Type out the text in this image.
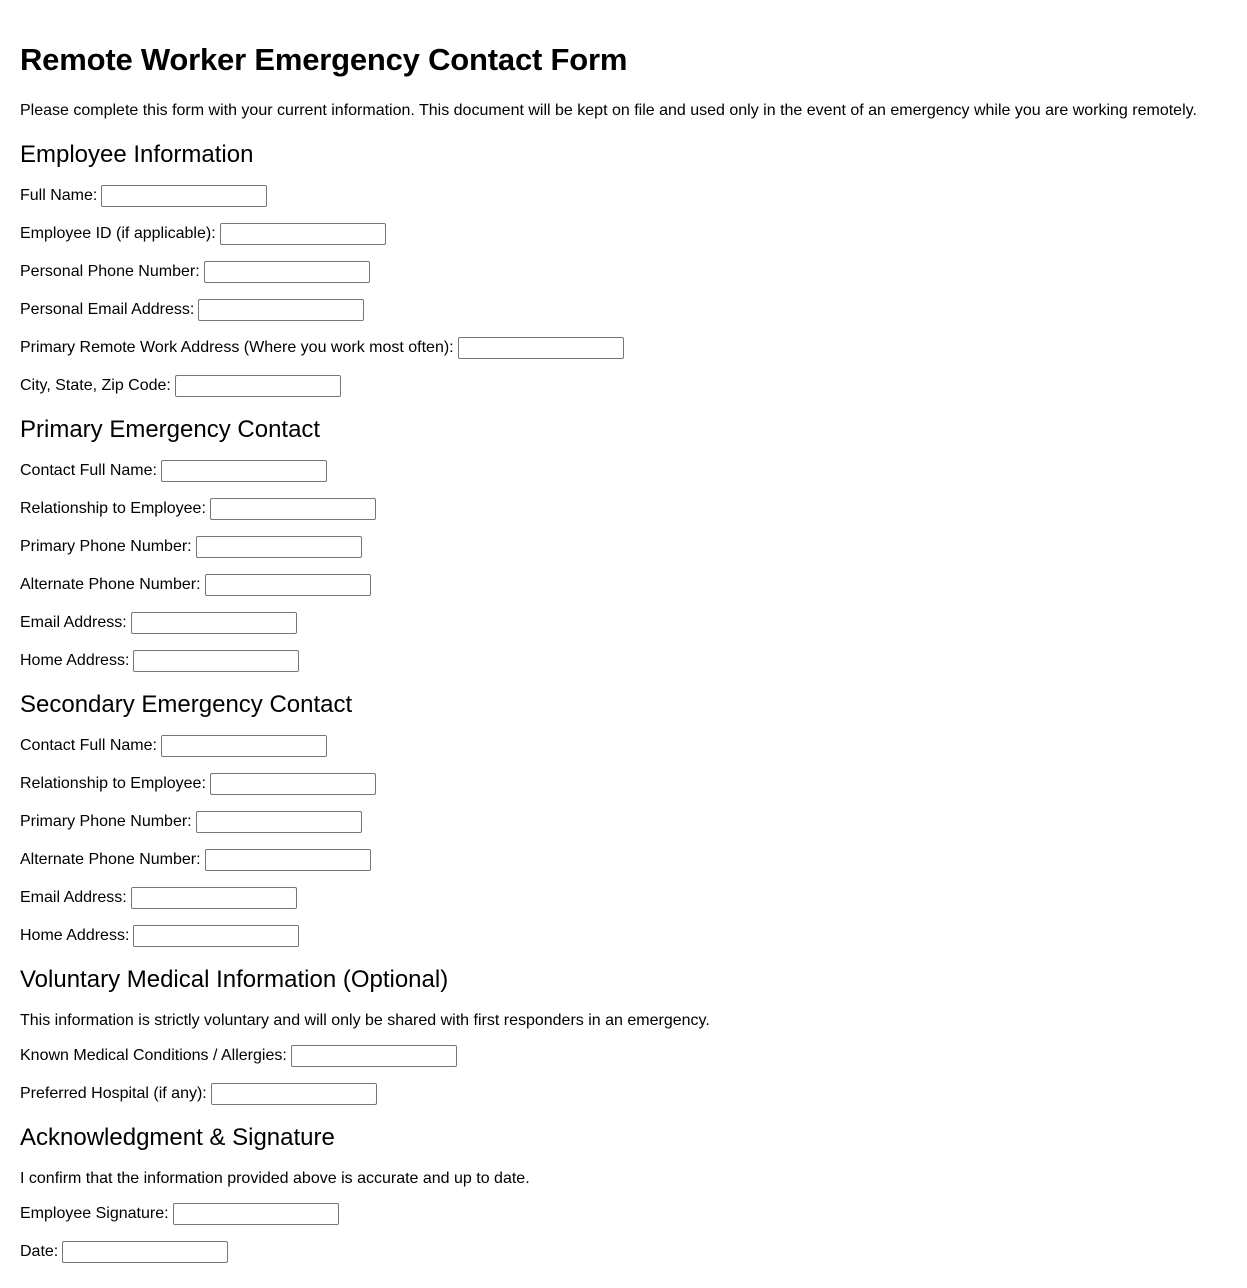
Remote Worker Emergency Contact Form

Please complete this form with your current information. This document will be kept on file and used only in the event of an emergency while you are working remotely.

Employee Information
Full Name:
Employee ID (if applicable):
Personal Phone Number:
Personal Email Address:
Primary Remote Work Address (Where you work most often):
City, State, Zip Code:
Primary Emergency Contact
Contact Full Name:
Relationship to Employee:
Primary Phone Number:
Alternate Phone Number:
Email Address:
Home Address:
Secondary Emergency Contact
Contact Full Name:
Relationship to Employee:
Primary Phone Number:
Alternate Phone Number:
Email Address:
Home Address:
Voluntary Medical Information (Optional)

This information is strictly voluntary and will only be shared with first responders in an emergency.

Known Medical Conditions / Allergies:
Preferred Hospital (if any):
Acknowledgment & Signature

I confirm that the information provided above is accurate and up to date.

Employee Signature:
Date:
